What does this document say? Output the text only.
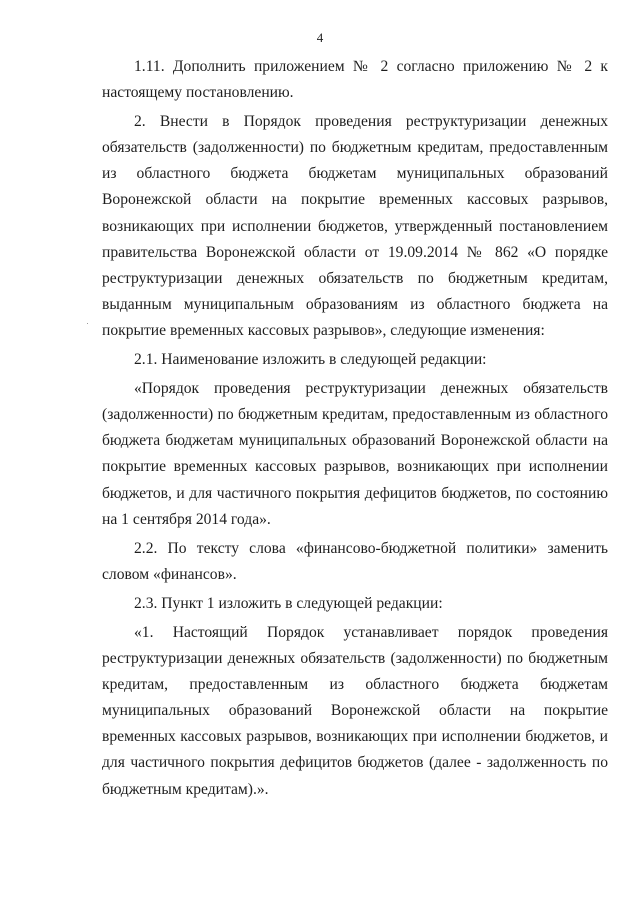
4

1.11. Дополнить приложением № 2 согласно приложению № 2 к настоящему постановлению.

2. Внести в Порядок проведения реструктуризации денежных обязательств (задолженности) по бюджетным кредитам, предоставленным из областного бюджета бюджетам муниципальных образований Воронежской области на покрытие временных кассовых разрывов, возникающих при исполнении бюджетов, утвержденный постановлением правительства Воронежской области от 19.09.2014 № 862 «О порядке реструктуризации денежных обязательств по бюджетным кредитам, выданным муниципальным образованиям из областного бюджета на покрытие временных кассовых разрывов», следующие изменения:

2.1. Наименование изложить в следующей редакции:

«Порядок проведения реструктуризации денежных обязательств (задолженности) по бюджетным кредитам, предоставленным из областного бюджета бюджетам муниципальных образований Воронежской области на покрытие временных кассовых разрывов, возникающих при исполнении бюджетов, и для частичного покрытия дефицитов бюджетов, по состоянию на 1 сентября 2014 года».

2.2. По тексту слова «финансово-бюджетной политики» заменить словом «финансов».

2.3. Пункт 1 изложить в следующей редакции:

«1. Настоящий Порядок устанавливает порядок проведения реструктуризации денежных обязательств (задолженности) по бюджетным кредитам, предоставленным из областного бюджета бюджетам муниципальных образований Воронежской области на покрытие временных кассовых разрывов, возникающих при исполнении бюджетов, и для частичного покрытия дефицитов бюджетов (далее - задолженность по бюджетным кредитам).».
